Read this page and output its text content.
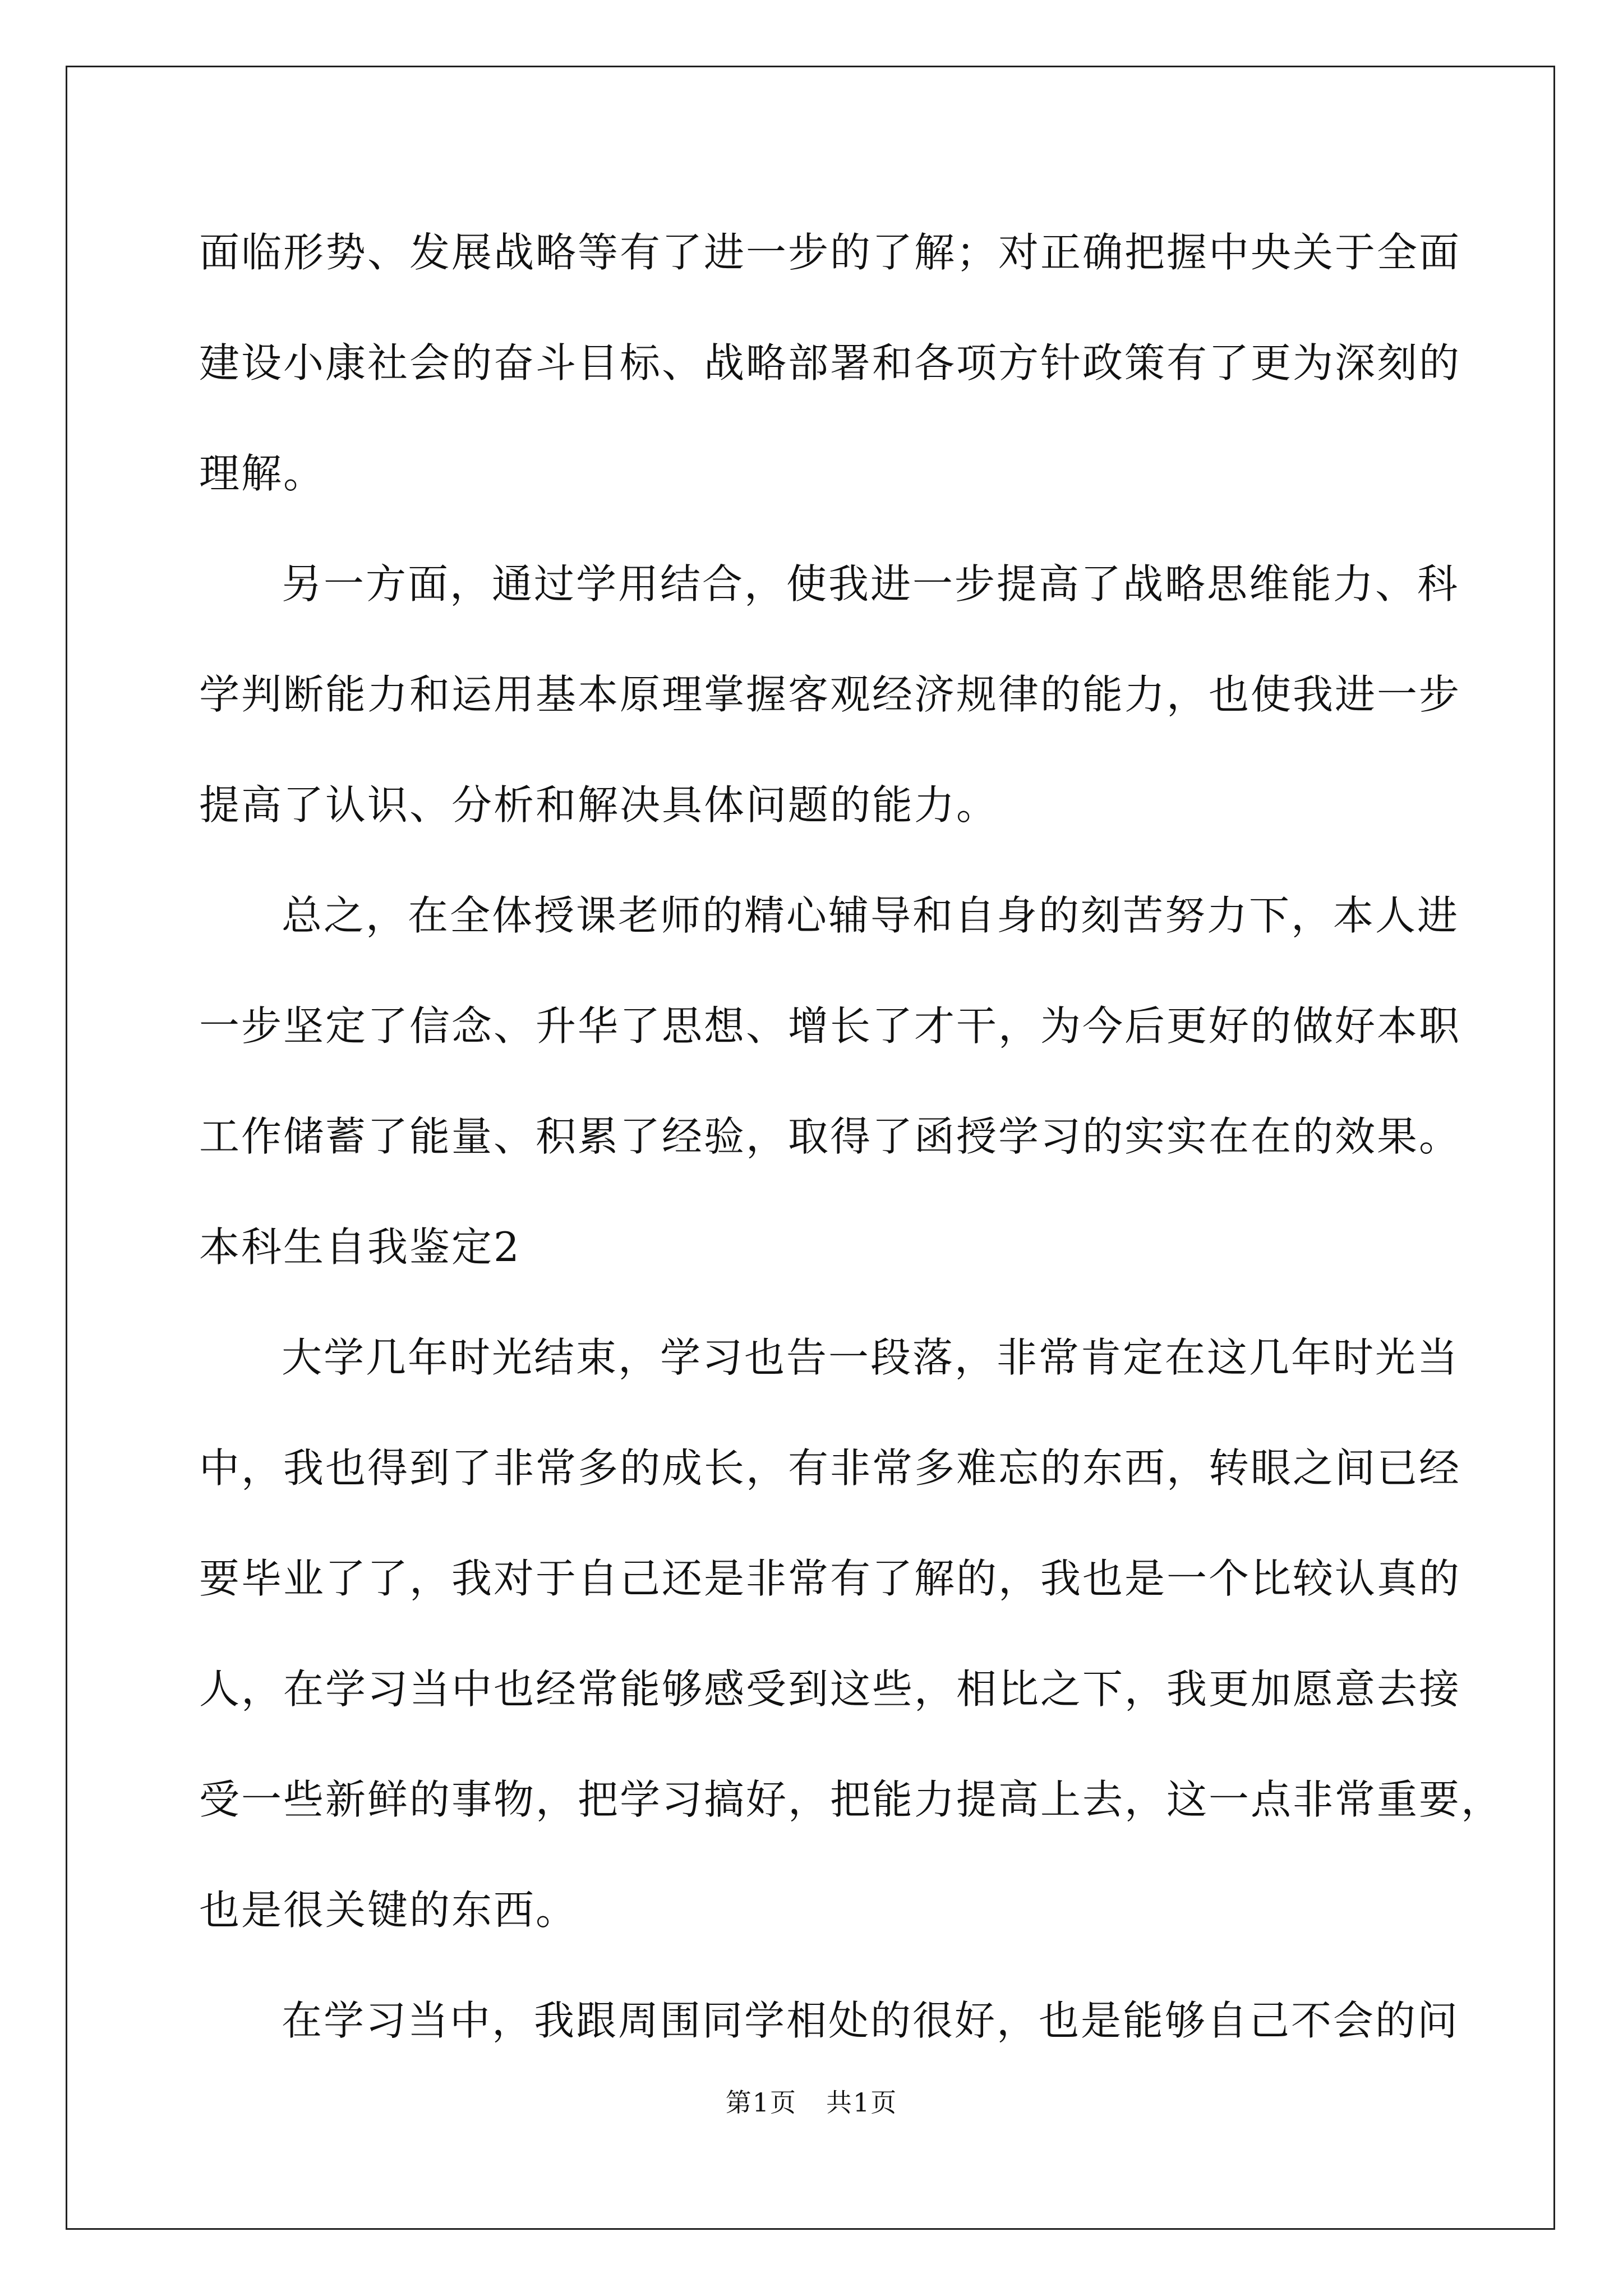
面临形势、发展战略等有了进一步的了解；对正确把握中央关于全面
建设小康社会的奋斗目标、战略部署和各项方针政策有了更为深刻的
理解。
另一方面，通过学用结合，使我进一步提高了战略思维能力、科
学判断能力和运用基本原理掌握客观经济规律的能力，也使我进一步
提高了认识、分析和解决具体问题的能力。
总之，在全体授课老师的精心辅导和自身的刻苦努力下，本人进
一步坚定了信念、升华了思想、增长了才干，为今后更好的做好本职
工作储蓄了能量、积累了经验，取得了函授学习的实实在在的效果。
本科生自我鉴定2
大学几年时光结束，学习也告一段落，非常肯定在这几年时光当
中，我也得到了非常多的成长，有非常多难忘的东西，转眼之间已经
要毕业了了，我对于自己还是非常有了解的，我也是一个比较认真的
人，在学习当中也经常能够感受到这些，相比之下，我更加愿意去接
受一些新鲜的事物，把学习搞好，把能力提高上去，这一点非常重要，
也是很关键的东西。
在学习当中，我跟周围同学相处的很好，也是能够自己不会的问
第1页 共1页
